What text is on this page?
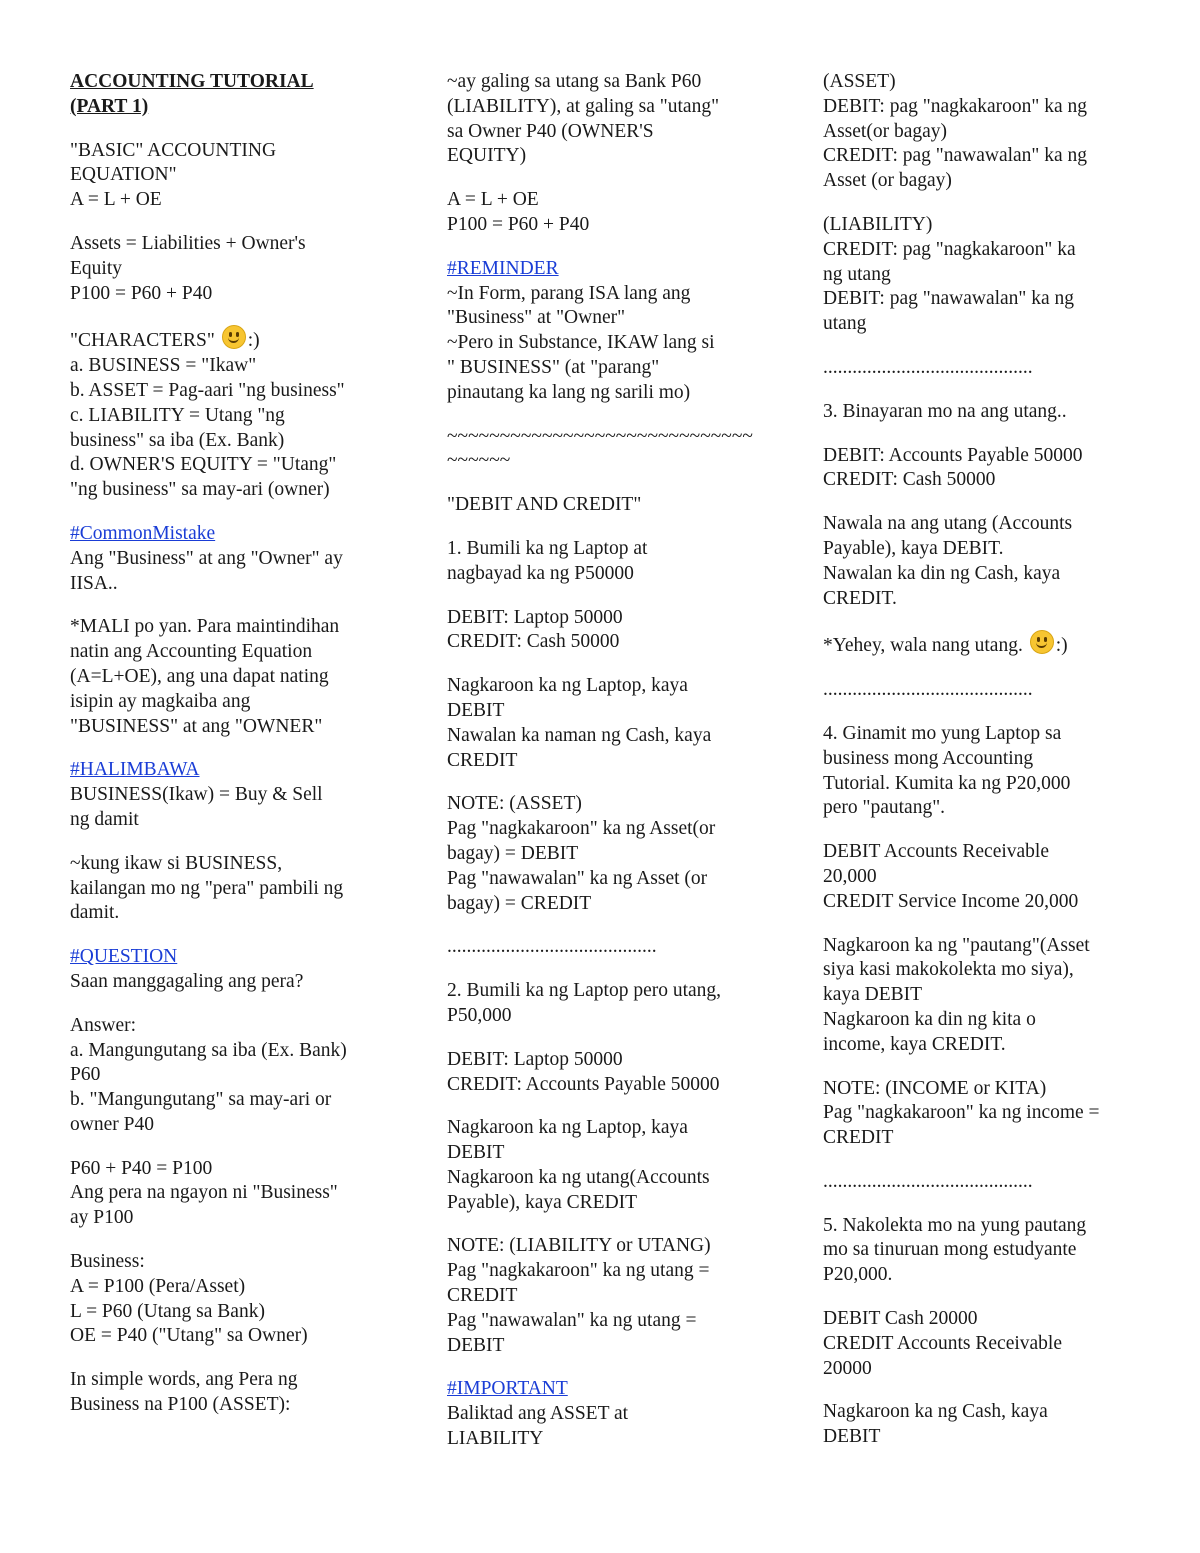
ACCOUNTING TUTORIAL
(PART 1)
"BASIC" ACCOUNTING
EQUATION"
A = L + OE
Assets = Liabilities + Owner's
Equity
P100 = P60 + P40
"CHARACTERS" :)
a. BUSINESS = "Ikaw"
b. ASSET = Pag-aari "ng business"
c. LIABILITY = Utang "ng
business" sa iba (Ex. Bank)
d. OWNER'S EQUITY = "Utang"
"ng business" sa may-ari (owner)
#CommonMistake
Ang "Business" at ang "Owner" ay
IISA..
*MALI po yan. Para maintindihan
natin ang Accounting Equation
(A=L+OE), ang una dapat nating
isipin ay magkaiba ang
"BUSINESS" at ang "OWNER"
#HALIMBAWA
BUSINESS(Ikaw) = Buy & Sell
ng damit
~kung ikaw si BUSINESS,
kailangan mo ng "pera" pambili ng
damit.
#QUESTION
Saan manggagaling ang pera?
Answer:
a. Mangungutang sa iba (Ex. Bank)
P60
b. "Mangungutang" sa may-ari or
owner P40
P60 + P40 = P100
Ang pera na ngayon ni "Business"
ay P100
Business:
A = P100 (Pera/Asset)
L = P60 (Utang sa Bank)
OE = P40 ("Utang" sa Owner)
In simple words, ang Pera ng
Business na P100 (ASSET):
~ay galing sa utang sa Bank P60
(LIABILITY), at galing sa "utang"
sa Owner P40 (OWNER'S
EQUITY)
A = L + OE
P100 = P60 + P40
#REMINDER
~In Form, parang ISA lang ang
"Business" at "Owner"
~Pero in Substance, IKAW lang si
" BUSINESS" (at "parang"
pinautang ka lang ng sarili mo)
~~~~~~~~~~~~~~~~~~~~~~~~~~~~~
~~~~~~
"DEBIT AND CREDIT"
1. Bumili ka ng Laptop at
nagbayad ka ng P50000
DEBIT: Laptop 50000
CREDIT: Cash 50000
Nagkaroon ka ng Laptop, kaya
DEBIT
Nawalan ka naman ng Cash, kaya
CREDIT
NOTE: (ASSET)
Pag "nagkakaroon" ka ng Asset(or
bagay) = DEBIT
Pag "nawawalan" ka ng Asset (or
bagay) = CREDIT
...........................................
2. Bumili ka ng Laptop pero utang,
P50,000
DEBIT: Laptop 50000
CREDIT: Accounts Payable 50000
Nagkaroon ka ng Laptop, kaya
DEBIT
Nagkaroon ka ng utang(Accounts
Payable), kaya CREDIT
NOTE: (LIABILITY or UTANG)
Pag "nagkakaroon" ka ng utang =
CREDIT
Pag "nawawalan" ka ng utang =
DEBIT
#IMPORTANT
Baliktad ang ASSET at
LIABILITY
(ASSET)
DEBIT: pag "nagkakaroon" ka ng
Asset(or bagay)
CREDIT: pag "nawawalan" ka ng
Asset (or bagay)
(LIABILITY)
CREDIT: pag "nagkakaroon" ka
ng utang
DEBIT: pag "nawawalan" ka ng
utang
...........................................
3. Binayaran mo na ang utang..
DEBIT: Accounts Payable 50000
CREDIT: Cash 50000
Nawala na ang utang (Accounts
Payable), kaya DEBIT.
Nawalan ka din ng Cash, kaya
CREDIT.
*Yehey, wala nang utang. :)
...........................................
4. Ginamit mo yung Laptop sa
business mong Accounting
Tutorial. Kumita ka ng P20,000
pero "pautang".
DEBIT Accounts Receivable
20,000
CREDIT Service Income 20,000
Nagkaroon ka ng "pautang"(Asset
siya kasi makokolekta mo siya),
kaya DEBIT
Nagkaroon ka din ng kita o
income, kaya CREDIT.
NOTE: (INCOME or KITA)
Pag "nagkakaroon" ka ng income =
CREDIT
...........................................
5. Nakolekta mo na yung pautang
mo sa tinuruan mong estudyante
P20,000.
DEBIT Cash 20000
CREDIT Accounts Receivable
20000
Nagkaroon ka ng Cash, kaya
DEBIT
